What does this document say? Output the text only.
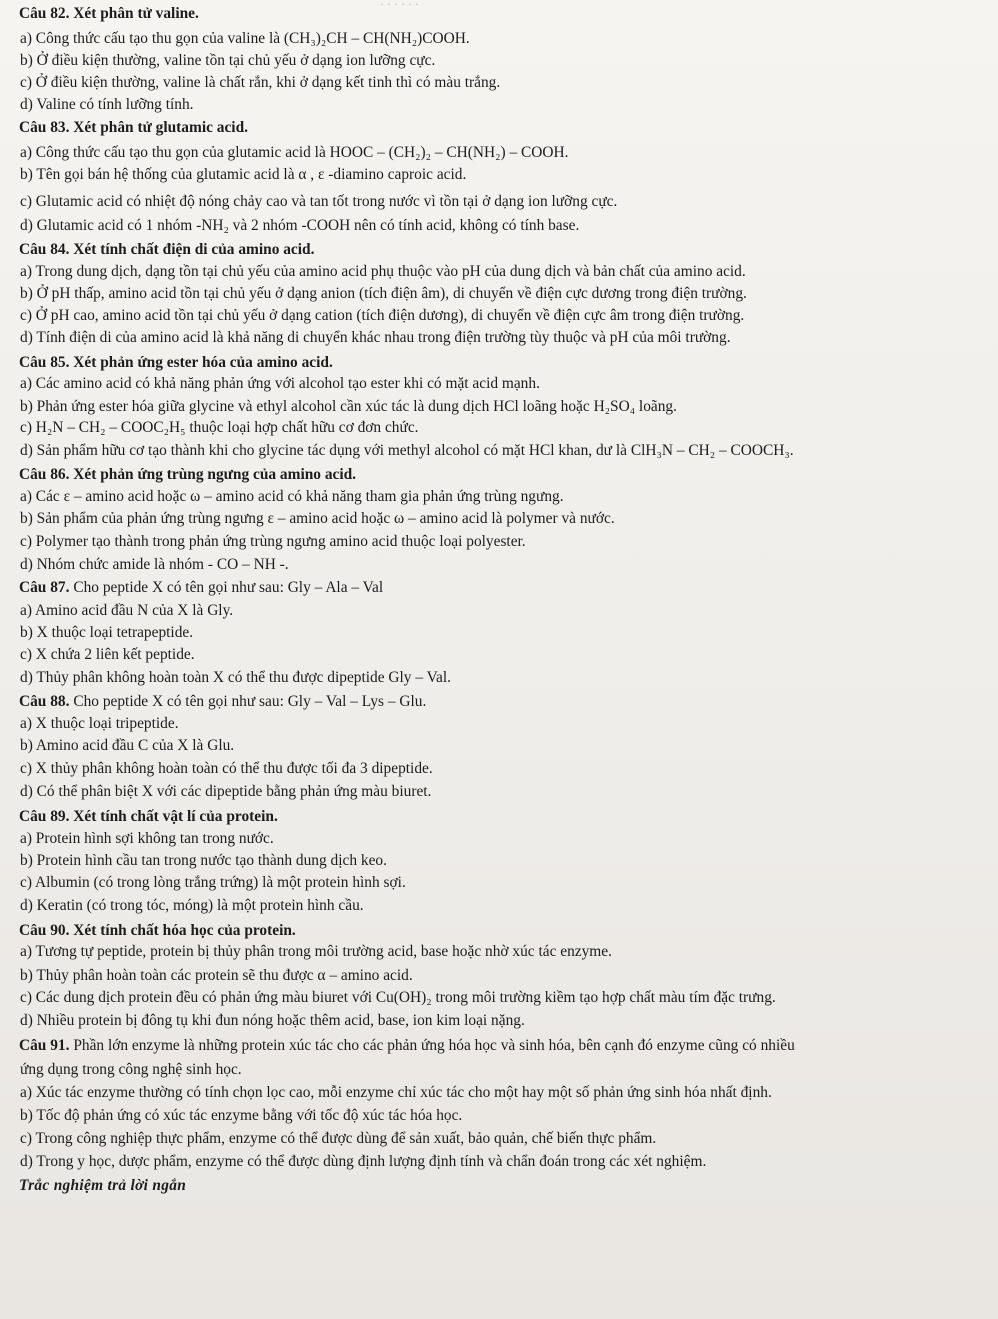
· · · · · ·
Câu 82. Xét phân tử valine.
a) Công thức cấu tạo thu gọn của valine là (CH₃)₂CH – CH(NH₂)COOH.
b) Ở điều kiện thường, valine tồn tại chủ yếu ở dạng ion lưỡng cực.
c) Ở điều kiện thường, valine là chất rắn, khi ở dạng kết tinh thì có màu trắng.
d) Valine có tính lưỡng tính.
Câu 83. Xét phân tử glutamic acid.
a) Công thức cấu tạo thu gọn của glutamic acid là HOOC – (CH₂)₂ – CH(NH₂) – COOH.
b) Tên gọi bán hệ thống của glutamic acid là α , ε -diamino caproic acid.
c) Glutamic acid có nhiệt độ nóng chảy cao và tan tốt trong nước vì tồn tại ở dạng ion lưỡng cực.
d) Glutamic acid có 1 nhóm -NH₂ và 2 nhóm -COOH nên có tính acid, không có tính base.
Câu 84. Xét tính chất điện di của amino acid.
a) Trong dung dịch, dạng tồn tại chủ yếu của amino acid phụ thuộc vào pH của dung dịch và bản chất của amino acid.
b) Ở pH thấp, amino acid tồn tại chủ yếu ở dạng anion (tích điện âm), di chuyển về điện cực dương trong điện trường.
c) Ở pH cao, amino acid tồn tại chủ yếu ở dạng cation (tích điện dương), di chuyển về điện cực âm trong điện trường.
d) Tính điện di của amino acid là khả năng di chuyển khác nhau trong điện trường tùy thuộc và pH của môi trường.
Câu 85. Xét phản ứng ester hóa của amino acid.
a) Các amino acid có khả năng phản ứng với alcohol tạo ester khi có mặt acid mạnh.
b) Phản ứng ester hóa giữa glycine và ethyl alcohol cần xúc tác là dung dịch HCl loãng hoặc H₂SO₄ loãng.
c) H₂N – CH₂ – COOC₂H₅ thuộc loại hợp chất hữu cơ đơn chức.
d) Sản phẩm hữu cơ tạo thành khi cho glycine tác dụng với methyl alcohol có mặt HCl khan, dư là ClH₃N – CH₂ – COOCH₃.
Câu 86. Xét phản ứng trùng ngưng của amino acid.
a) Các ε – amino acid hoặc ω – amino acid có khả năng tham gia phản ứng trùng ngưng.
b) Sản phẩm của phản ứng trùng ngưng ε – amino acid hoặc ω – amino acid là polymer và nước.
c) Polymer tạo thành trong phản ứng trùng ngưng amino acid thuộc loại polyester.
d) Nhóm chức amide là nhóm - CO – NH -.
Câu 87. Cho peptide X có tên gọi như sau: Gly – Ala – Val
a) Amino acid đầu N của X là Gly.
b) X thuộc loại tetrapeptide.
c) X chứa 2 liên kết peptide.
d) Thủy phân không hoàn toàn X có thể thu được dipeptide Gly – Val.
Câu 88. Cho peptide X có tên gọi như sau: Gly – Val – Lys – Glu.
a) X thuộc loại tripeptide.
b) Amino acid đầu C của X là Glu.
c) X thủy phân không hoàn toàn có thể thu được tối đa 3 dipeptide.
d) Có thể phân biệt X với các dipeptide bằng phản ứng màu biuret.
Câu 89. Xét tính chất vật lí của protein.
a) Protein hình sợi không tan trong nước.
b) Protein hình cầu tan trong nước tạo thành dung dịch keo.
c) Albumin (có trong lòng trắng trứng) là một protein hình sợi.
d) Keratin (có trong tóc, móng) là một protein hình cầu.
Câu 90. Xét tính chất hóa học của protein.
a) Tương tự peptide, protein bị thủy phân trong môi trường acid, base hoặc nhờ xúc tác enzyme.
b) Thủy phân hoàn toàn các protein sẽ thu được α – amino acid.
c) Các dung dịch protein đều có phản ứng màu biuret với Cu(OH)₂ trong môi trường kiềm tạo hợp chất màu tím đặc trưng.
d) Nhiều protein bị đông tụ khi đun nóng hoặc thêm acid, base, ion kim loại nặng.
Câu 91. Phần lớn enzyme là những protein xúc tác cho các phản ứng hóa học và sinh hóa, bên cạnh đó enzyme cũng có nhiều
ứng dụng trong công nghệ sinh học.
a) Xúc tác enzyme thường có tính chọn lọc cao, mỗi enzyme chỉ xúc tác cho một hay một số phản ứng sinh hóa nhất định.
b) Tốc độ phản ứng có xúc tác enzyme bằng với tốc độ xúc tác hóa học.
c) Trong công nghiệp thực phẩm, enzyme có thể được dùng để sản xuất, bảo quản, chế biến thực phẩm.
d) Trong y học, dược phẩm, enzyme có thể được dùng định lượng định tính và chẩn đoán trong các xét nghiệm.
Trắc nghiệm trả lời ngắn
